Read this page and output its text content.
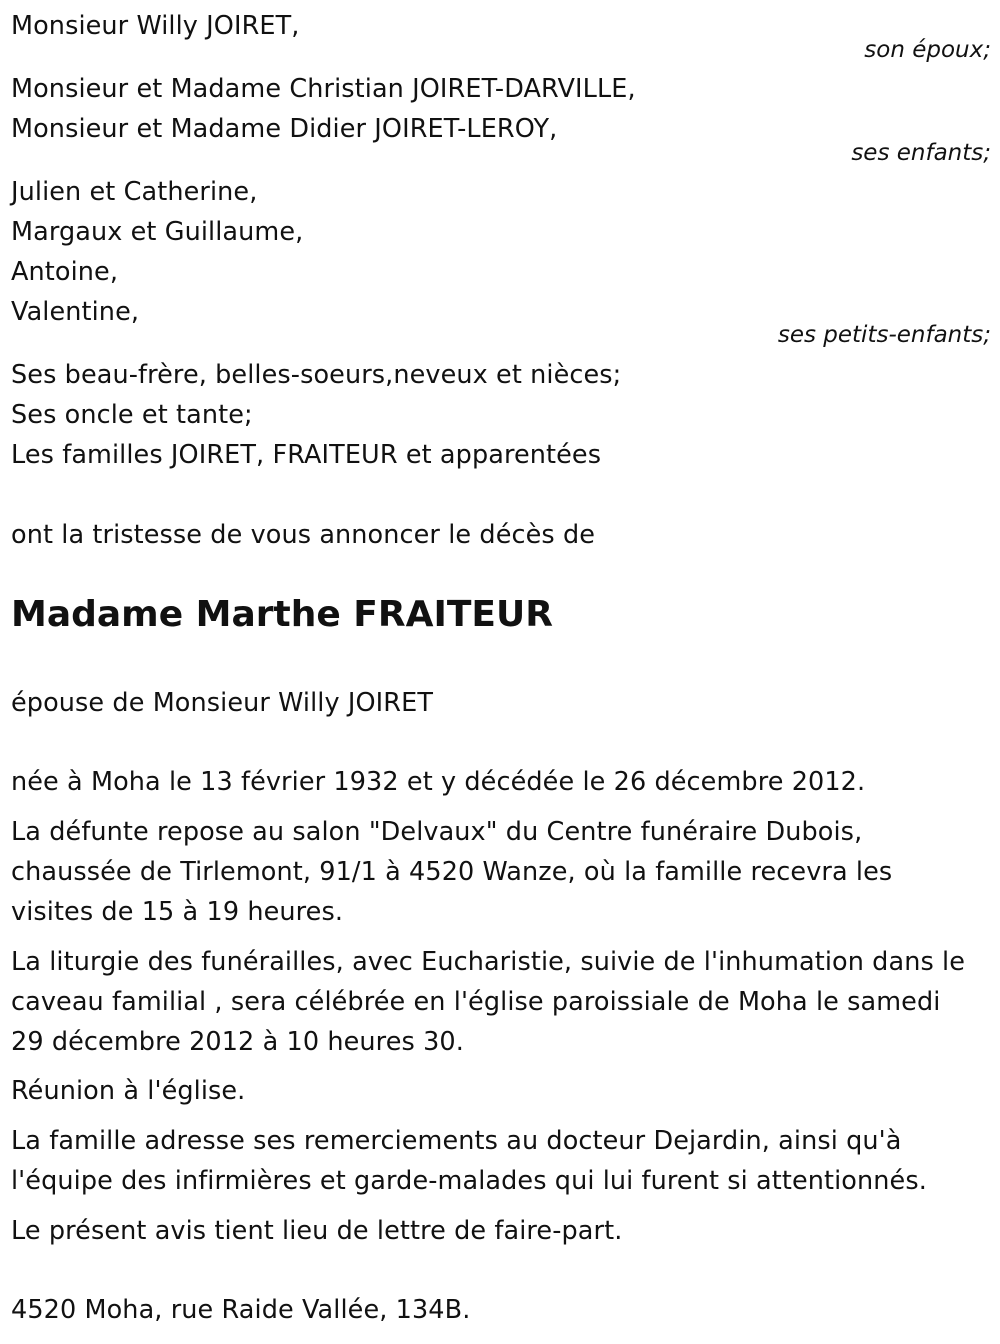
Monsieur Willy JOIRET,
son époux;
Monsieur et Madame Christian JOIRET-DARVILLE,
Monsieur et Madame Didier JOIRET-LEROY,
ses enfants;
Julien et Catherine,
Margaux et Guillaume,
Antoine,
Valentine,
ses petits-enfants;
Ses beau-frère, belles-soeurs,neveux et nièces;
Ses oncle et tante;
Les familles JOIRET, FRAITEUR et apparentées
ont la tristesse de vous annoncer le décès de
Madame Marthe FRAITEUR
épouse de Monsieur Willy JOIRET
née à Moha le 13 février 1932 et y décédée le 26 décembre 2012.
La défunte repose au salon "Delvaux" du Centre funéraire Dubois,
chaussée de Tirlemont, 91/1 à 4520 Wanze, où la famille recevra les
visites de 15 à 19 heures.
La liturgie des funérailles, avec Eucharistie, suivie de l'inhumation dans le
caveau familial , sera célébrée en l'église paroissiale de Moha le samedi
29 décembre 2012 à 10 heures 30.
Réunion à l'église.
La famille adresse ses remerciements au docteur Dejardin, ainsi qu'à
l'équipe des infirmières et garde-malades qui lui furent si attentionnés.
Le présent avis tient lieu de lettre de faire-part.
4520 Moha, rue Raide Vallée, 134B.
